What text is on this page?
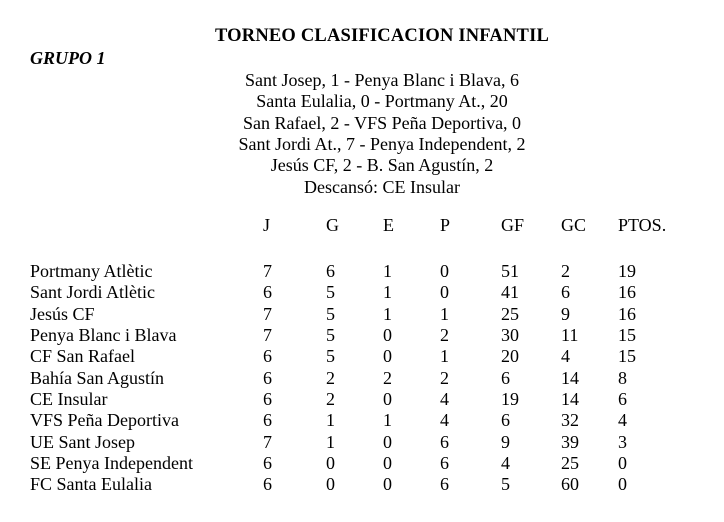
TORNEO CLASIFICACION INFANTIL
GRUPO 1
Sant Josep, 1 - Penya Blanc i Blava, 6
Santa Eulalia, 0 - Portmany At., 20
San Rafael, 2 - VFS Peña Deportiva, 0
Sant Jordi At., 7 - Penya Independent, 2
Jesús CF, 2 - B. San Agustín, 2
Descansó: CE Insular
J	G	E	P	GF	GC	PTOS.
Portmany Atlètic	7	6	1	0	51	2	19
Sant Jordi Atlètic	6	5	1	0	41	6	16
Jesús CF	7	5	1	1	25	9	16
Penya Blanc i Blava	7	5	0	2	30	11	15
CF San Rafael	6	5	0	1	20	4	15
Bahía San Agustín	6	2	2	2	6	14	8
CE Insular	6	2	0	4	19	14	6
VFS Peña Deportiva	6	1	1	4	6	32	4
UE Sant Josep	7	1	0	6	9	39	3
SE Penya Independent	6	0	0	6	4	25	0
FC Santa Eulalia	6	0	0	6	5	60	0
